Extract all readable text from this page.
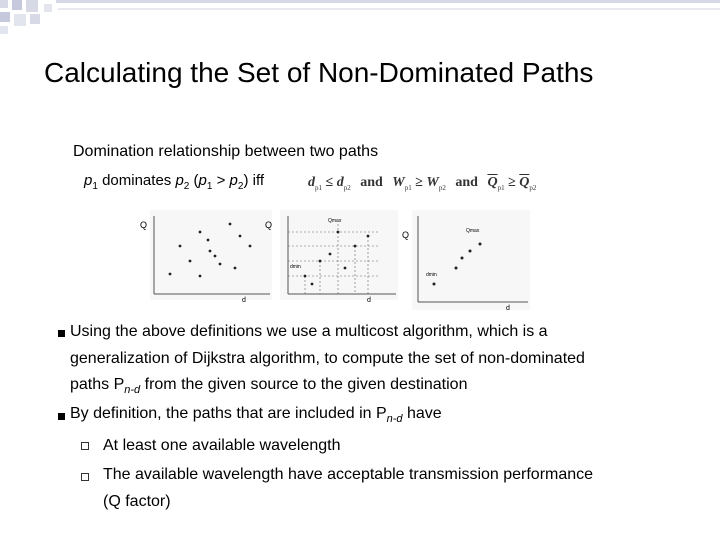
Calculating the Set of Non-Dominated Paths
Domination relationship between two paths
$p_1$ dominates $p_2$ $(p_1 > p_2)$ iff	$d_{p1} \le d_{p2}$ and $W_{p1} \ge W_{p2}$ and $\overline{Q}_{p1} \ge \overline{Q}_{p2}$
Q
d
Q
d
Qmax
dmin
Q
d
Qmax
dmin
Using the above definitions we use a multicost algorithm, which is a
generalization of Dijkstra algorithm, to compute the set of non-dominated
paths $P_{n-d}$ from the given source to the given destination
By definition, the paths that are included in $P_{n-d}$ have
At least one available wavelength
The available wavelength have acceptable transmission performance
(Q factor)
